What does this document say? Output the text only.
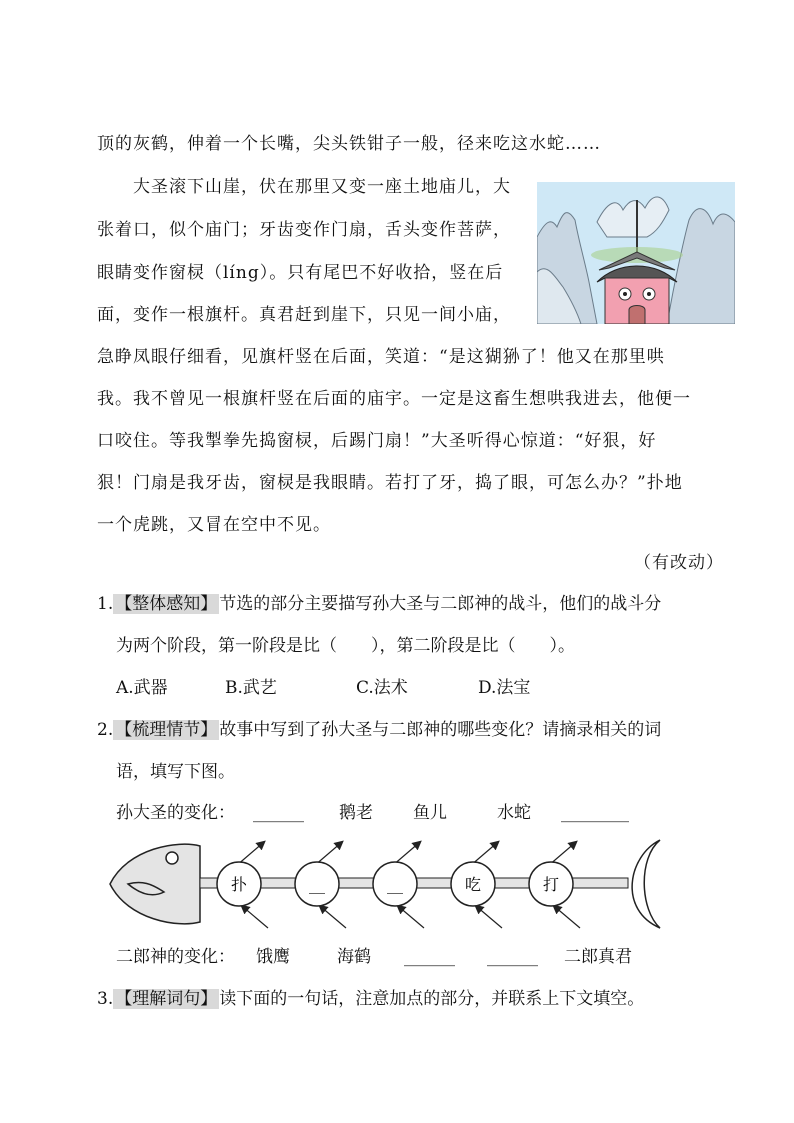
顶的灰鹤，伸着一个长嘴，尖头铁钳子一般，径来吃这水蛇……
大圣滚下山崖，伏在那里又变一座土地庙儿，大
张着口，似个庙门；牙齿变作门扇，舌头变作菩萨，
眼睛变作窗棂（líng）。只有尾巴不好收拾，竖在后
面，变作一根旗杆。真君赶到崖下，只见一间小庙，
急睁凤眼仔细看，见旗杆竖在后面，笑道：“是这猢狲了！他又在那里哄
我。我不曾见一根旗杆竖在后面的庙宇。一定是这畜生想哄我进去，他便一
口咬住。等我掣拳先捣窗棂，后踢门扇！”大圣听得心惊道：“好狠，好
狠！门扇是我牙齿，窗棂是我眼睛。若打了牙，捣了眼，可怎么办？”扑地
一个虎跳，又冒在空中不见。
（有改动）
1. 【整体感知】 节选的部分主要描写孙大圣与二郎神的战斗，他们的战斗分
为两个阶段，第一阶段是比（　　），第二阶段是比（　　）。
A.武器	B.武艺	C.法术	D.法宝
2. 【梳理情节】 故事中写到了孙大圣与二郎神的哪些变化？请摘录相关的词
语，填写下图。
孙大圣的变化： ______ 鹅老 鱼儿	水蛇 ________
扑	__	__	吃	打
二郎神的变化： 饿鹰	海鹤 ______ ______ 二郎真君
3. 【理解词句】 读下面的一句话，注意加点的部分，并联系上下文填空。
